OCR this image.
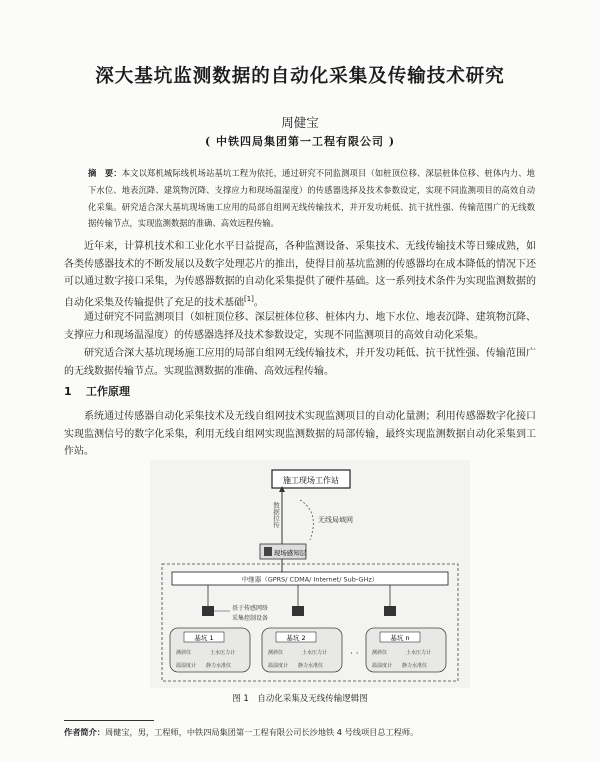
深大基坑监测数据的自动化采集及传输技术研究
周健宝
( 中铁四局集团第一工程有限公司 )
摘　要：本文以郑机城际线机场站基坑工程为依托，通过研究不同监测项目（如桩顶位移、深层桩体位移、桩体内力、地下水位、地表沉降、建筑物沉降、支撑应力和现场温湿度）的传感器选择及技术参数设定，实现不同监测项目的高效自动化采集。研究适合深大基坑现场施工应用的局部自组网无线传输技术，并开发功耗低、抗干扰性强、传输范围广的无线数据传输节点，实现监测数据的准确、高效远程传输。
近年来，计算机技术和工业化水平日益提高，各种监测设备、采集技术、无线传输技术等日臻成熟，如各类传感器技术的不断发展以及数字处理芯片的推出，使得目前基坑监测的传感器均在成本降低的情况下还可以通过数字接口采集，为传感器数据的自动化采集提供了硬件基础。这一系列技术条件为实现监测数据的自动化采集及传输提供了充足的技术基础[1]。
通过研究不同监测项目（如桩顶位移、深层桩体位移、桩体内力、地下水位、地表沉降、建筑物沉降、支撑应力和现场温湿度）的传感器选择及技术参数设定，实现不同监测项目的高效自动化采集。
研究适合深大基坑现场施工应用的局部自组网无线传输技术，并开发功耗低、抗干扰性强、传输范围广的无线数据传输节点。实现监测数据的准确、高效远程传输。
1 工作原理
系统通过传感器自动化采集技术及无线自组网技术实现监测项目的自动化量测；利用传感器数字化接口实现监测信号的数字化采集，利用无线自组网实现监测数据的局部传输，最终实现监测数据自动化采集到工作站。
施工现场工作站
数据拉传	无线局域网
现场感知层
中继器（GPRS/ CDMA/ Internet/ Sub-GHz）
基于传感网络
采集控制设备
基坑 1
测斜仪	土水压力计
温湿度计 静力水准仪
基坑 2
测斜仪	土水压力计
温湿度计 静力水准仪
· ·
基坑 n
测斜仪	土水压力计
温湿度计 静力水准仪
图 1　自动化采集及无线传输逻辑图
作者简介：周健宝，男，工程师，中铁四局集团第一工程有限公司长沙地铁 4 号线项目总工程师。
